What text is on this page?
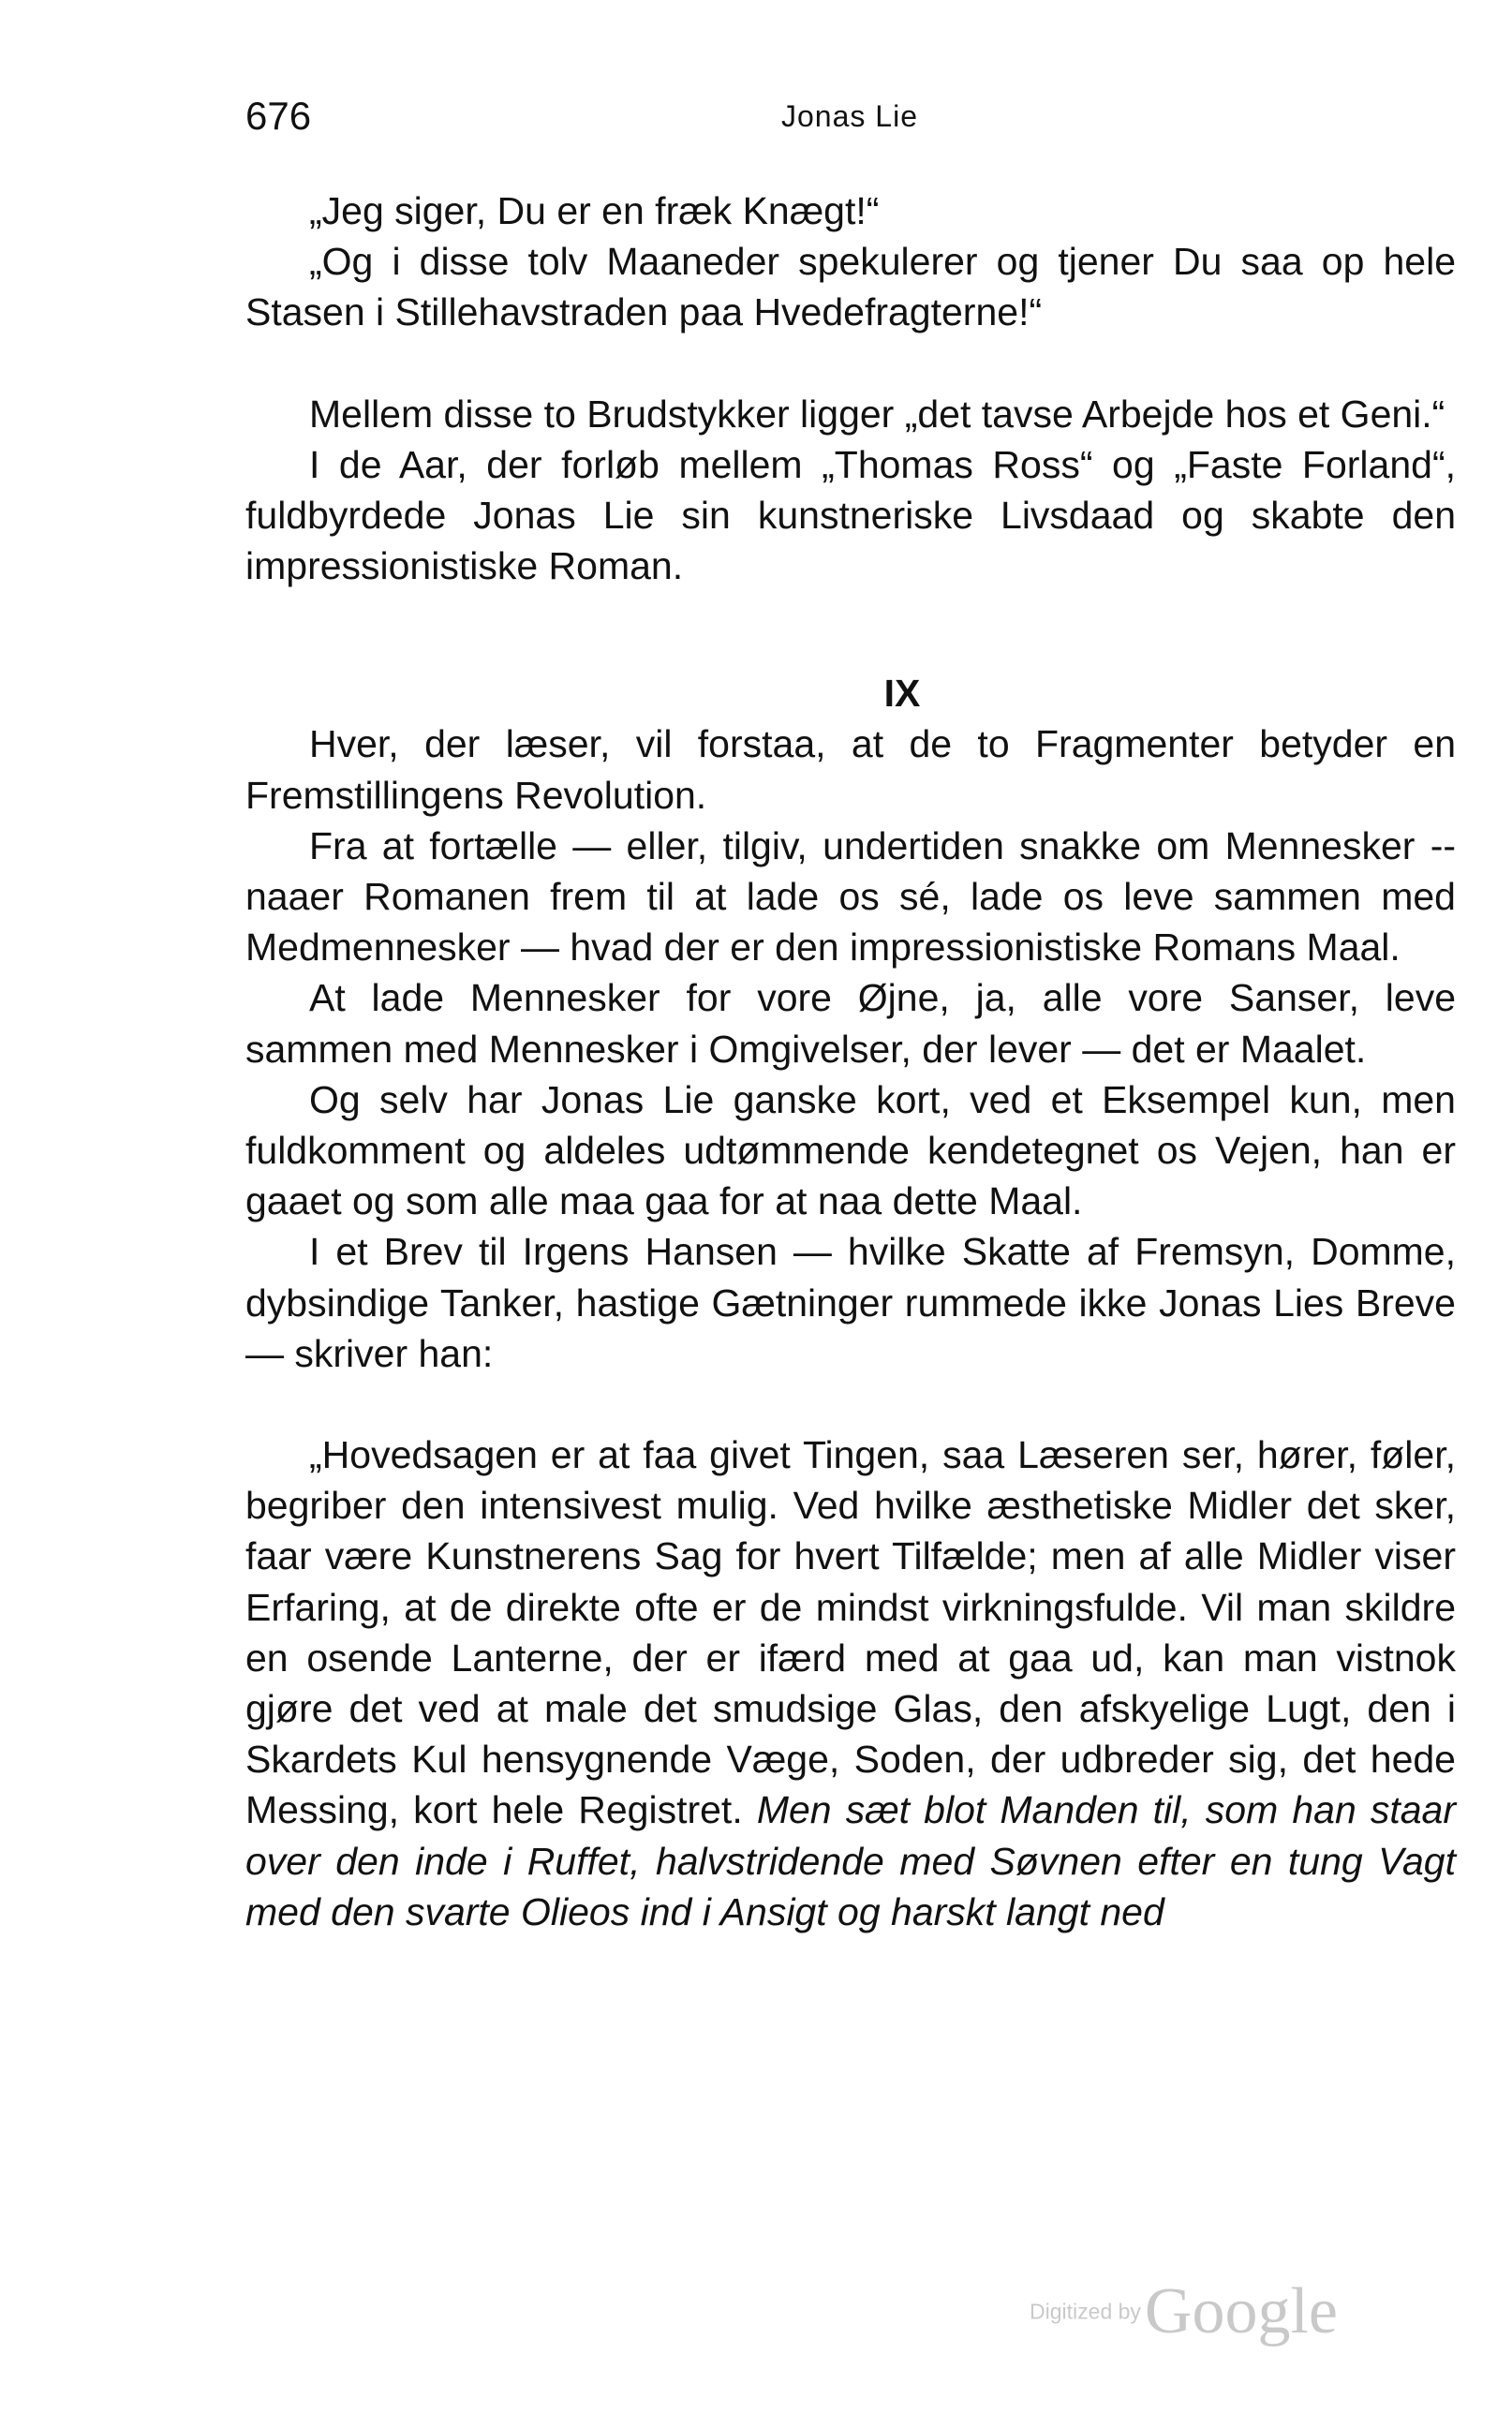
676	Jonas Lie

„Jeg siger, Du er en fræk Knægt!“

„Og i disse tolv Maaneder spekulerer og tjener Du saa op hele Stasen i Stillehavstraden paa Hvedefragterne!“

Mellem disse to Brudstykker ligger „det tavse Arbejde hos et Geni.“

I de Aar, der forløb mellem „Thomas Ross“ og „Faste Forland“, fuldbyrdede Jonas Lie sin kunstneriske Livsdaad og skabte den impressionistiske Roman.

IX

Hver, der læser, vil forstaa, at de to Fragmenter betyder en Fremstillingens Revolution.

Fra at fortælle — eller, tilgiv, undertiden snakke om Mennesker -- naaer Romanen frem til at lade os sé, lade os leve sammen med Medmennesker — hvad der er den impressionistiske Romans Maal.

At lade Mennesker for vore Øjne, ja, alle vore Sanser, leve sammen med Mennesker i Omgivelser, der lever — det er Maalet.

Og selv har Jonas Lie ganske kort, ved et Eksempel kun, men fuldkomment og aldeles udtømmende kendetegnet os Vejen, han er gaaet og som alle maa gaa for at naa dette Maal.

I et Brev til Irgens Hansen — hvilke Skatte af Fremsyn, Domme, dybsindige Tanker, hastige Gætninger rummede ikke Jonas Lies Breve — skriver han:

„Hovedsagen er at faa givet Tingen, saa Læseren ser, hører, føler, begriber den intensivest mulig. Ved hvilke æsthetiske Midler det sker, faar være Kunstnerens Sag for hvert Tilfælde; men af alle Midler viser Erfaring, at de direkte ofte er de mindst virkningsfulde. Vil man skildre en osende Lanterne, der er ifærd med at gaa ud, kan man vistnok gjøre det ved at male det smudsige Glas, den afskyelige Lugt, den i Skardets Kul hensygnende Væge, Soden, der udbreder sig, det hede Messing, kort hele Registret. Men sæt blot Manden til, som han staar over den inde i Ruffet, halvstridende med Søvnen efter en tung Vagt med den svarte Olieos ind i Ansigt og harskt langt ned

Digitized by Google
